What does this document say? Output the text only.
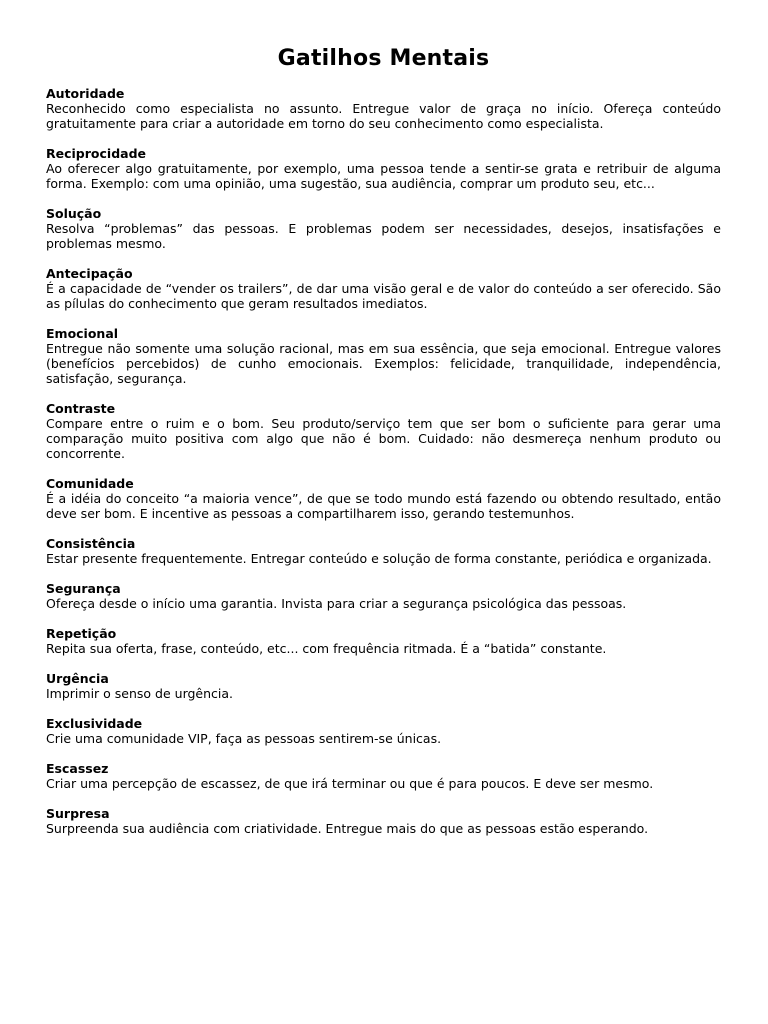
Gatilhos Mentais

Autoridade

Reconhecido como especialista no assunto. Entregue valor de graça no início. Ofereça conteúdo gratuitamente para criar a autoridade em torno do seu conhecimento como especialista.

Reciprocidade

Ao oferecer algo gratuitamente, por exemplo, uma pessoa tende a sentir-se grata e retribuir de alguma forma. Exemplo: com uma opinião, uma sugestão, sua audiência, comprar um produto seu, etc...

Solução

Resolva “problemas” das pessoas. E problemas podem ser necessidades, desejos, insatisfações e problemas mesmo.

Antecipação

É a capacidade de “vender os trailers”, de dar uma visão geral e de valor do conteúdo a ser oferecido. São as pílulas do conhecimento que geram resultados imediatos.

Emocional

Entregue não somente uma solução racional, mas em sua essência, que seja emocional. Entregue valores (benefícios percebidos) de cunho emocionais. Exemplos: felicidade, tranquilidade, independência, satisfação, segurança.

Contraste

Compare entre o ruim e o bom. Seu produto/serviço tem que ser bom o suficiente para gerar uma comparação muito positiva com algo que não é bom. Cuidado: não desmereça nenhum produto ou concorrente.

Comunidade

É a idéia do conceito “a maioria vence”, de que se todo mundo está fazendo ou obtendo resultado, então deve ser bom. E incentive as pessoas a compartilharem isso, gerando testemunhos.

Consistência

Estar presente frequentemente. Entregar conteúdo e solução de forma constante, periódica e organizada.

Segurança

Ofereça desde o início uma garantia. Invista para criar a segurança psicológica das pessoas.

Repetição

Repita sua oferta, frase, conteúdo, etc... com frequência ritmada. É a “batida” constante.

Urgência

Imprimir o senso de urgência.

Exclusividade

Crie uma comunidade VIP, faça as pessoas sentirem-se únicas.

Escassez

Criar uma percepção de escassez, de que irá terminar ou que é para poucos. E deve ser mesmo.

Surpresa

Surpreenda sua audiência com criatividade. Entregue mais do que as pessoas estão esperando.
